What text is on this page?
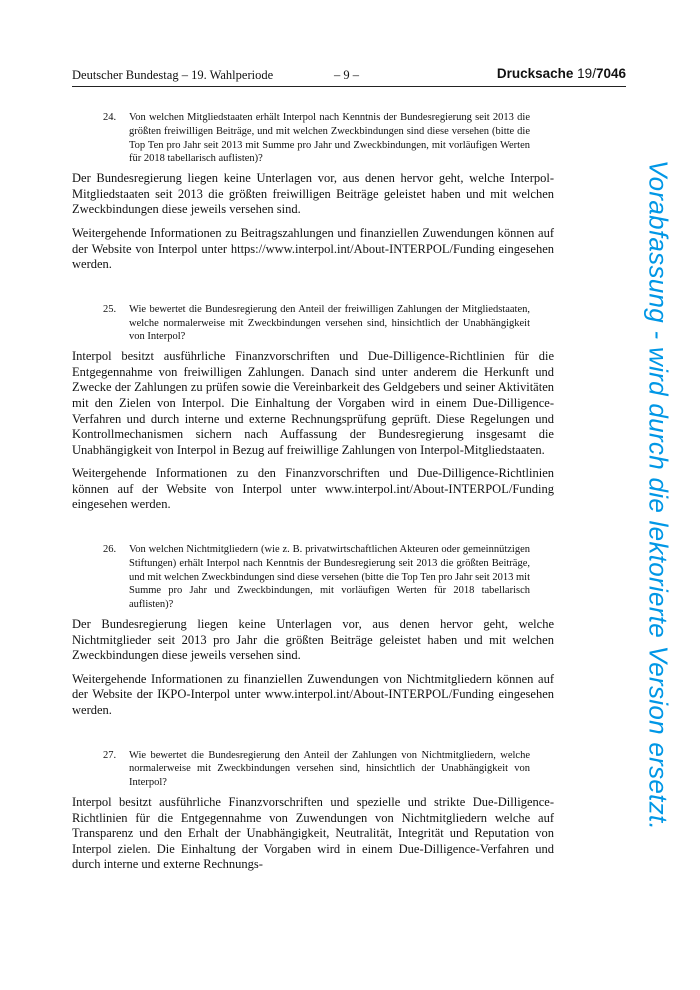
Deutscher Bundestag – 19. Wahlperiode	– 9 –	Drucksache 19/7046
24. Von welchen Mitgliedstaaten erhält Interpol nach Kenntnis der Bundesregierung seit 2013 die größten freiwilligen Beiträge, und mit welchen Zweckbindungen sind diese versehen (bitte die Top Ten pro Jahr seit 2013 mit Summe pro Jahr und Zweckbindungen, mit vorläufigen Werten für 2018 tabellarisch auflisten)?

Der Bundesregierung liegen keine Unterlagen vor, aus denen hervor geht, welche Interpol-Mitgliedstaaten seit 2013 die größten freiwilligen Beiträge geleistet haben und mit welchen Zweckbindungen diese jeweils versehen sind.

Weitergehende Informationen zu Beitragszahlungen und finanziellen Zuwendungen können auf der Website von Interpol unter https://www.interpol.int/About-INTERPOL/Funding eingesehen werden.

25. Wie bewertet die Bundesregierung den Anteil der freiwilligen Zahlungen der Mitgliedstaaten, welche normalerweise mit Zweckbindungen versehen sind, hinsichtlich der Unabhängigkeit von Interpol?

Interpol besitzt ausführliche Finanzvorschriften und Due-Dilligence-Richtlinien für die Entgegennahme von freiwilligen Zahlungen. Danach sind unter anderem die Herkunft und Zwecke der Zahlungen zu prüfen sowie die Vereinbarkeit des Geldgebers und seiner Aktivitäten mit den Zielen von Interpol. Die Einhaltung der Vorgaben wird in einem Due-Dilligence-Verfahren und durch interne und externe Rechnungsprüfung geprüft. Diese Regelungen und Kontrollmechanismen sichern nach Auffassung der Bundesregierung insgesamt die Unabhängigkeit von Interpol in Bezug auf freiwillige Zahlungen von Interpol-Mitgliedstaaten.

Weitergehende Informationen zu den Finanzvorschriften und Due-Dilligence-Richtlinien können auf der Website von Interpol unter www.interpol.int/About-INTERPOL/Funding eingesehen werden.

26. Von welchen Nichtmitgliedern (wie z. B. privatwirtschaftlichen Akteuren oder gemeinnützigen Stiftungen) erhält Interpol nach Kenntnis der Bundesregierung seit 2013 die größten Beiträge, und mit welchen Zweckbindungen sind diese versehen (bitte die Top Ten pro Jahr seit 2013 mit Summe pro Jahr und Zweckbindungen, mit vorläufigen Werten für 2018 tabellarisch auflisten)?

Der Bundesregierung liegen keine Unterlagen vor, aus denen hervor geht, welche Nichtmitglieder seit 2013 pro Jahr die größten Beiträge geleistet haben und mit welchen Zweckbindungen diese jeweils versehen sind.

Weitergehende Informationen zu finanziellen Zuwendungen von Nichtmitgliedern können auf der Website der IKPO-Interpol unter www.interpol.int/About-INTERPOL/Funding eingesehen werden.

27. Wie bewertet die Bundesregierung den Anteil der Zahlungen von Nichtmitgliedern, welche normalerweise mit Zweckbindungen versehen sind, hinsichtlich der Unabhängigkeit von Interpol?

Interpol besitzt ausführliche Finanzvorschriften und spezielle und strikte Due-Dilligence-Richtlinien für die Entgegennahme von Zuwendungen von Nichtmitgliedern welche auf Transparenz und den Erhalt der Unabhängigkeit, Neutralität, Integrität und Reputation von Interpol zielen. Die Einhaltung der Vorgaben wird in einem Due-Dilligence-Verfahren und durch interne und externe Rechnungs-

Vorabfassung - wird durch die lektorierte Version ersetzt.
